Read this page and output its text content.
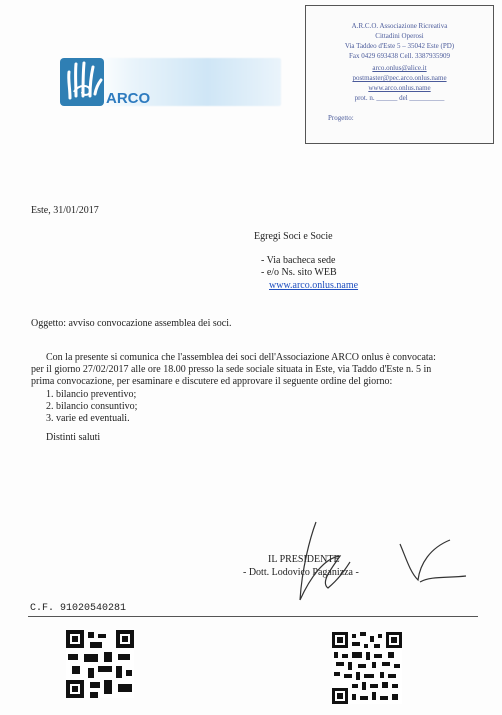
ARCO
A.R.C.O. Associazione Ricreativa
Cittadini Operosi
Via Taddeo d'Este 5 – 35042 Este (PD)
Fax 0429 693438 Cell. 3387935909
arco.onlus@alice.it
postmaster@pec.arco.onlus.name
www.arco.onlus.name
prot. n. ______ del __________
Progetto:
Este, 31/01/2017
Egregi Soci e Socie
- Via bacheca sede
- e/o Ns. sito WEB
www.arco.onlus.name
Oggetto: avviso convocazione assemblea dei soci.
Con la presente si comunica che l'assemblea dei soci dell'Associazione ARCO onlus è convocata:
per il giorno 27/02/2017 alle ore 18.00 presso la sede sociale situata in Este, via Taddo d'Este n. 5 in
prima convocazione, per esaminare e discutere ed approvare il seguente ordine del giorno:
1. bilancio preventivo;
2. bilancio consuntivo;
3. varie ed eventuali.
Distinti saluti
IL PRESIDENTE
- Dott. Lodovico Paganizza -
C.F. 91020540281
